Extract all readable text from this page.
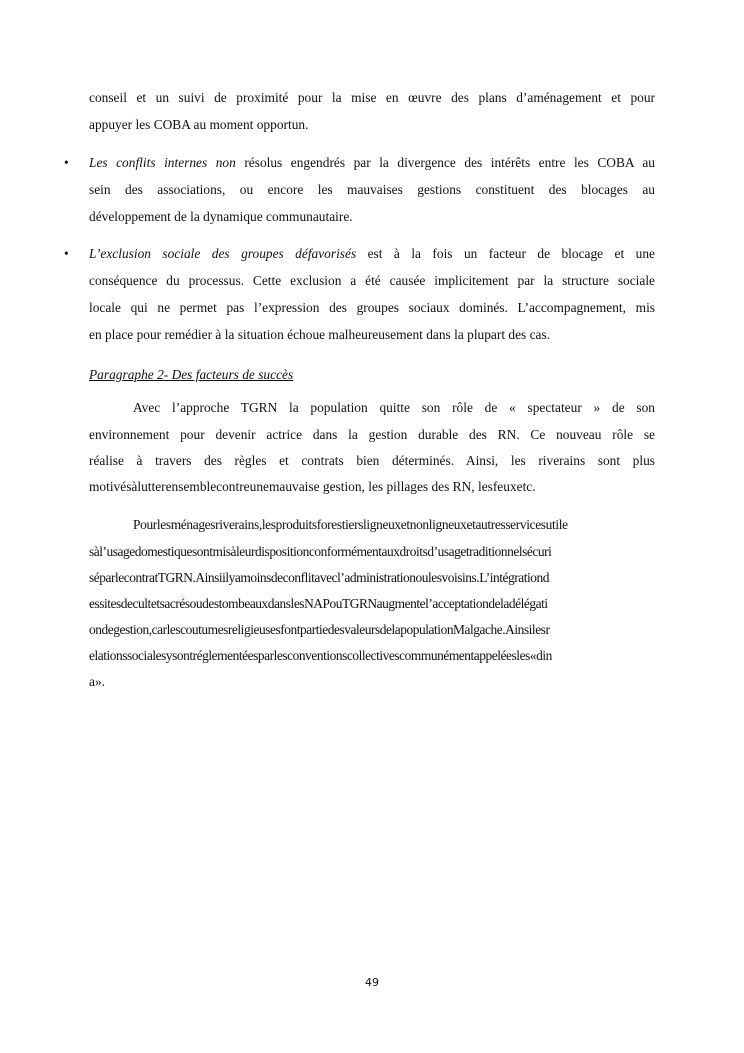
conseil et un suivi de proximité pour la mise en œuvre des plans d’aménagement et pour
appuyer les COBA au moment opportun.
• Les conflits internes non résolus engendrés par la divergence des intérêts entre les COBA au
sein des associations, ou encore les mauvaises gestions constituent des blocages au
développement de la dynamique communautaire.
• L’exclusion sociale des groupes défavorisés est à la fois un facteur de blocage et une
conséquence du processus. Cette exclusion a été causée implicitement par la structure sociale
locale qui ne permet pas l’expression des groupes sociaux dominés. L’accompagnement, mis
en place pour remédier à la situation échoue malheureusement dans la plupart des cas.
Paragraphe 2- Des facteurs de succès
Avec l’approche TGRN la population quitte son rôle de « spectateur » de son
environnement pour devenir actrice dans la gestion durable des RN. Ce nouveau rôle se
réalise à travers des règles et contrats bien déterminés. Ainsi, les riverains sont plus
motivésàlutterensemblecontreunemauvaise gestion, les pillages des RN, lesfeuxetc.
Pourlesménagesriverains,lesproduitsforestiersligneuxetnonligneuxetautresservicesutile
sàl’usagedomestiquesontmisàleurdispositionconformémentauxdroitsd’usagetraditionnelsécuri
séparlecontratTGRN.Ainsiilyamoinsdeconflitavecl’administrationoulesvoisins.L’intégrationd
essitesdecultetsacrésoudestombeauxdanslesNAPouTGRNaugmentel’acceptationdeladélégati
ondegestion,carlescoutumesreligieusesfontpartiedesvaleursdelapopulationMalgache.Ainsilesr
elationssocialesysontréglementéesparlesconventionscollectivescommunémentappeléesles«din
a».
49
